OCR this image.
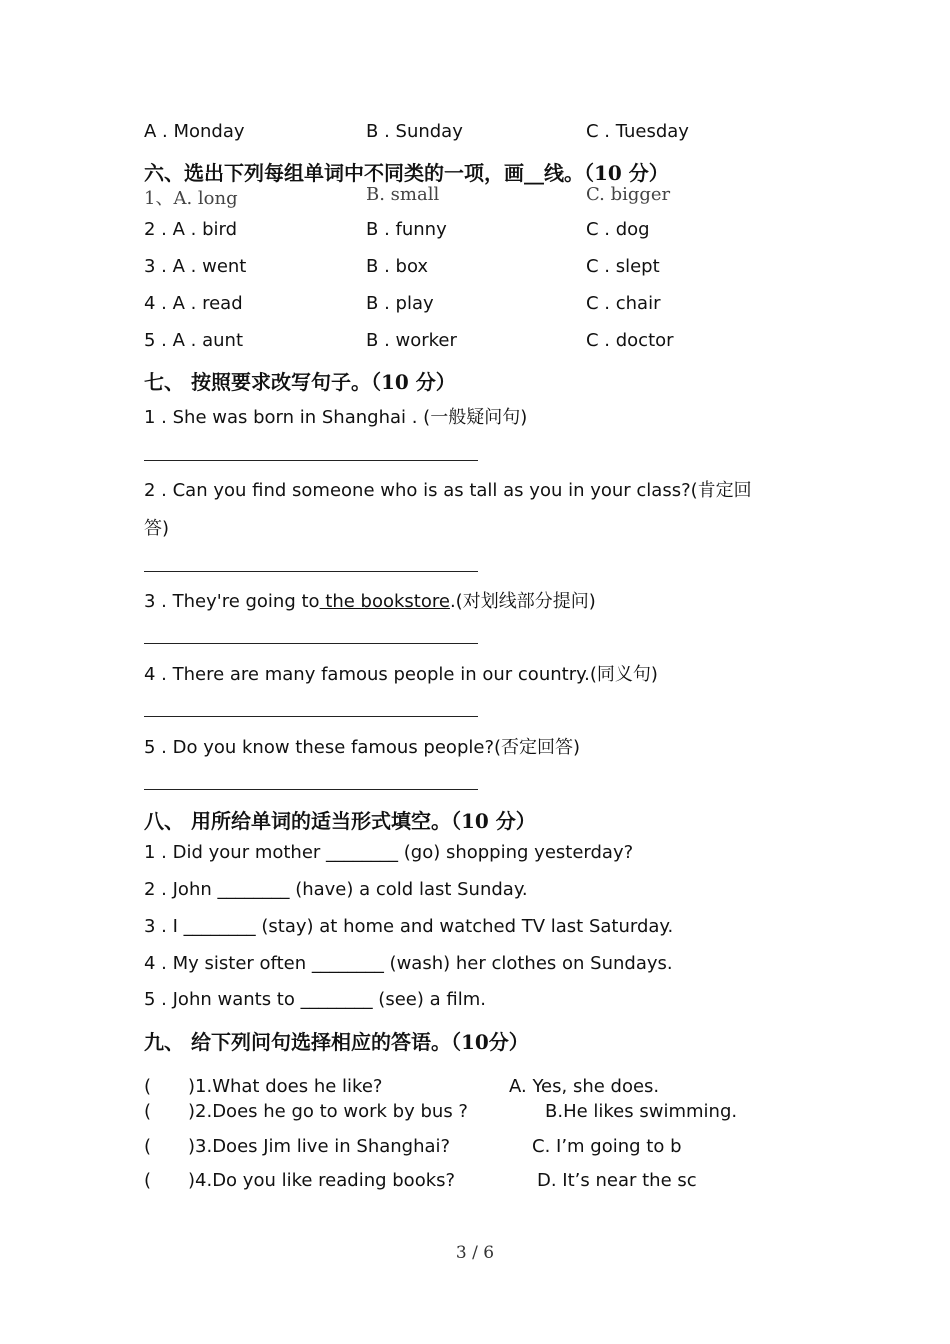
A . Monday	B . Sunday	C . Tuesday
六、选出下列每组单词中不同类的一项，画__线。（10 分）
1、A. long	B. small	C. bigger
2 . A . bird	B . funny	C . dog
3 . A . went	B . box	C . slept
4 . A . read	B . play	C . chair
5 . A . aunt	B . worker	C . doctor
七、 按照要求改写句子。（10 分）
1 . She was born in Shanghai . (一般疑问句)
2 . Can you find someone who is as tall as you in your class?(肯定回
答)
3 . They're going to the bookstore.(对划线部分提问)
4 . There are many famous people in our country.(同义句)
5 . Do you know these famous people?(否定回答)
八、 用所给单词的适当形式填空。（10 分）
1 . Did your mother ________ (go) shopping yesterday?
2 . John ________ (have) a cold last Sunday.
3 . I ________ (stay) at home and watched TV last Saturday.
4 . My sister often ________ (wash) her clothes on Sundays.
5 . John wants to ________ (see) a film.
九、 给下列问句选择相应的答语。（10分）
( )1.What does he like?	A. Yes, she does.
( )2.Does he go to work by bus ?	B.He likes swimming.
( )3.Does Jim live in Shanghai?	C. I’m going to b
( )4.Do you like reading books?	D. It’s near the sc
3 / 6
